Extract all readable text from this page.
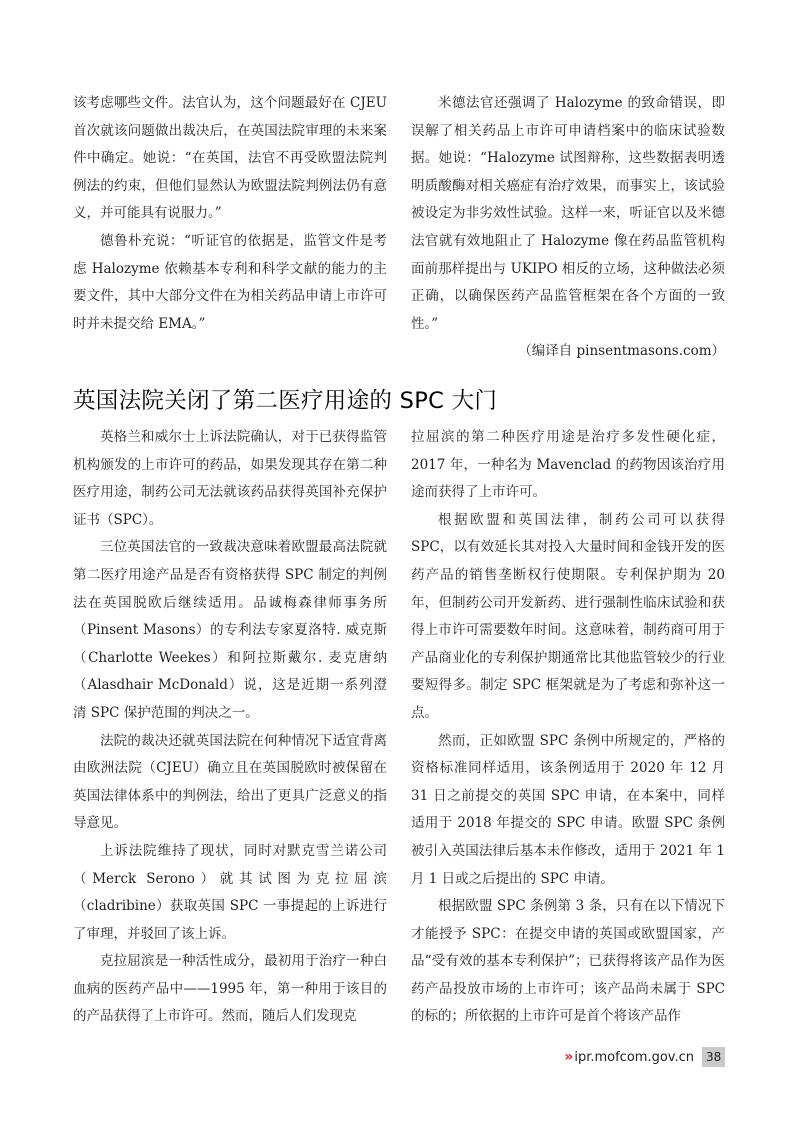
该考虑哪些文件。法官认为，这个问题最好在 CJEU 首次就该问题做出裁决后，在英国法院审理的未来案件中确定。她说：“在英国，法官不再受欧盟法院判例法的约束，但他们显然认为欧盟法院判例法仍有意义，并可能具有说服力。”

德鲁朴充说：“听证官的依据是，监管文件是考虑 Halozyme 依赖基本专利和科学文献的能力的主要文件，其中大部分文件在为相关药品申请上市许可时并未提交给 EMA。”

米德法官还强调了 Halozyme 的致命错误，即误解了相关药品上市许可申请档案中的临床试验数据。她说：“Halozyme 试图辩称，这些数据表明透明质酸酶对相关癌症有治疗效果，而事实上，该试验被设定为非劣效性试验。这样一来，听证官以及米德法官就有效地阻止了 Halozyme 像在药品监管机构面前那样提出与 UKIPO 相反的立场，这种做法必须正确，以确保医药产品监管框架在各个方面的一致性。”
（编译自 pinsentmasons.com）

英国法院关闭了第二医疗用途的 SPC 大门

英格兰和威尔士上诉法院确认，对于已获得监管机构颁发的上市许可的药品，如果发现其存在第二种医疗用途，制药公司无法就该药品获得英国补充保护证书（SPC）。

三位英国法官的一致裁决意味着欧盟最高法院就第二医疗用途产品是否有资格获得 SPC 制定的判例法在英国脱欧后继续适用。品诚梅森律师事务所（Pinsent Masons）的专利法专家夏洛特. 威克斯（Charlotte Weekes）和阿拉斯戴尔. 麦克唐纳（Alasdhair McDonald）说，这是近期一系列澄清 SPC 保护范围的判决之一。

法院的裁决还就英国法院在何种情况下适宜背离由欧洲法院（CJEU）确立且在英国脱欧时被保留在英国法律体系中的判例法，给出了更具广泛意义的指导意见。

上诉法院维持了现状，同时对默克雪兰诺公司（Merck Serono）就其试图为克拉屈滨（cladribine）获取英国 SPC 一事提起的上诉进行了审理，并驳回了该上诉。

克拉屈滨是一种活性成分，最初用于治疗一种白血病的医药产品中——1995 年，第一种用于该目的的产品获得了上市许可。然而，随后人们发现克

拉屈滨的第二种医疗用途是治疗多发性硬化症，2017 年，一种名为 Mavenclad 的药物因该治疗用途而获得了上市许可。

根据欧盟和英国法律，制药公司可以获得 SPC，以有效延长其对投入大量时间和金钱开发的医药产品的销售垄断权行使期限。专利保护期为 20 年，但制药公司开发新药、进行强制性临床试验和获得上市许可需要数年时间。这意味着，制药商可用于产品商业化的专利保护期通常比其他监管较少的行业要短得多。制定 SPC 框架就是为了考虑和弥补这一点。

然而，正如欧盟 SPC 条例中所规定的，严格的资格标准同样适用，该条例适用于 2020 年 12 月 31 日之前提交的英国 SPC 申请，在本案中，同样适用于 2018 年提交的 SPC 申请。欧盟 SPC 条例被引入英国法律后基本未作修改，适用于 2021 年 1 月 1 日或之后提出的 SPC 申请。

根据欧盟 SPC 条例第 3 条，只有在以下情况下才能授予 SPC：在提交申请的英国或欧盟国家，产品“受有效的基本专利保护”；已获得将该产品作为医药产品投放市场的上市许可；该产品尚未属于 SPC 的标的；所依据的上市许可是首个将该产品作

» ipr.mofcom.gov.cn	38
